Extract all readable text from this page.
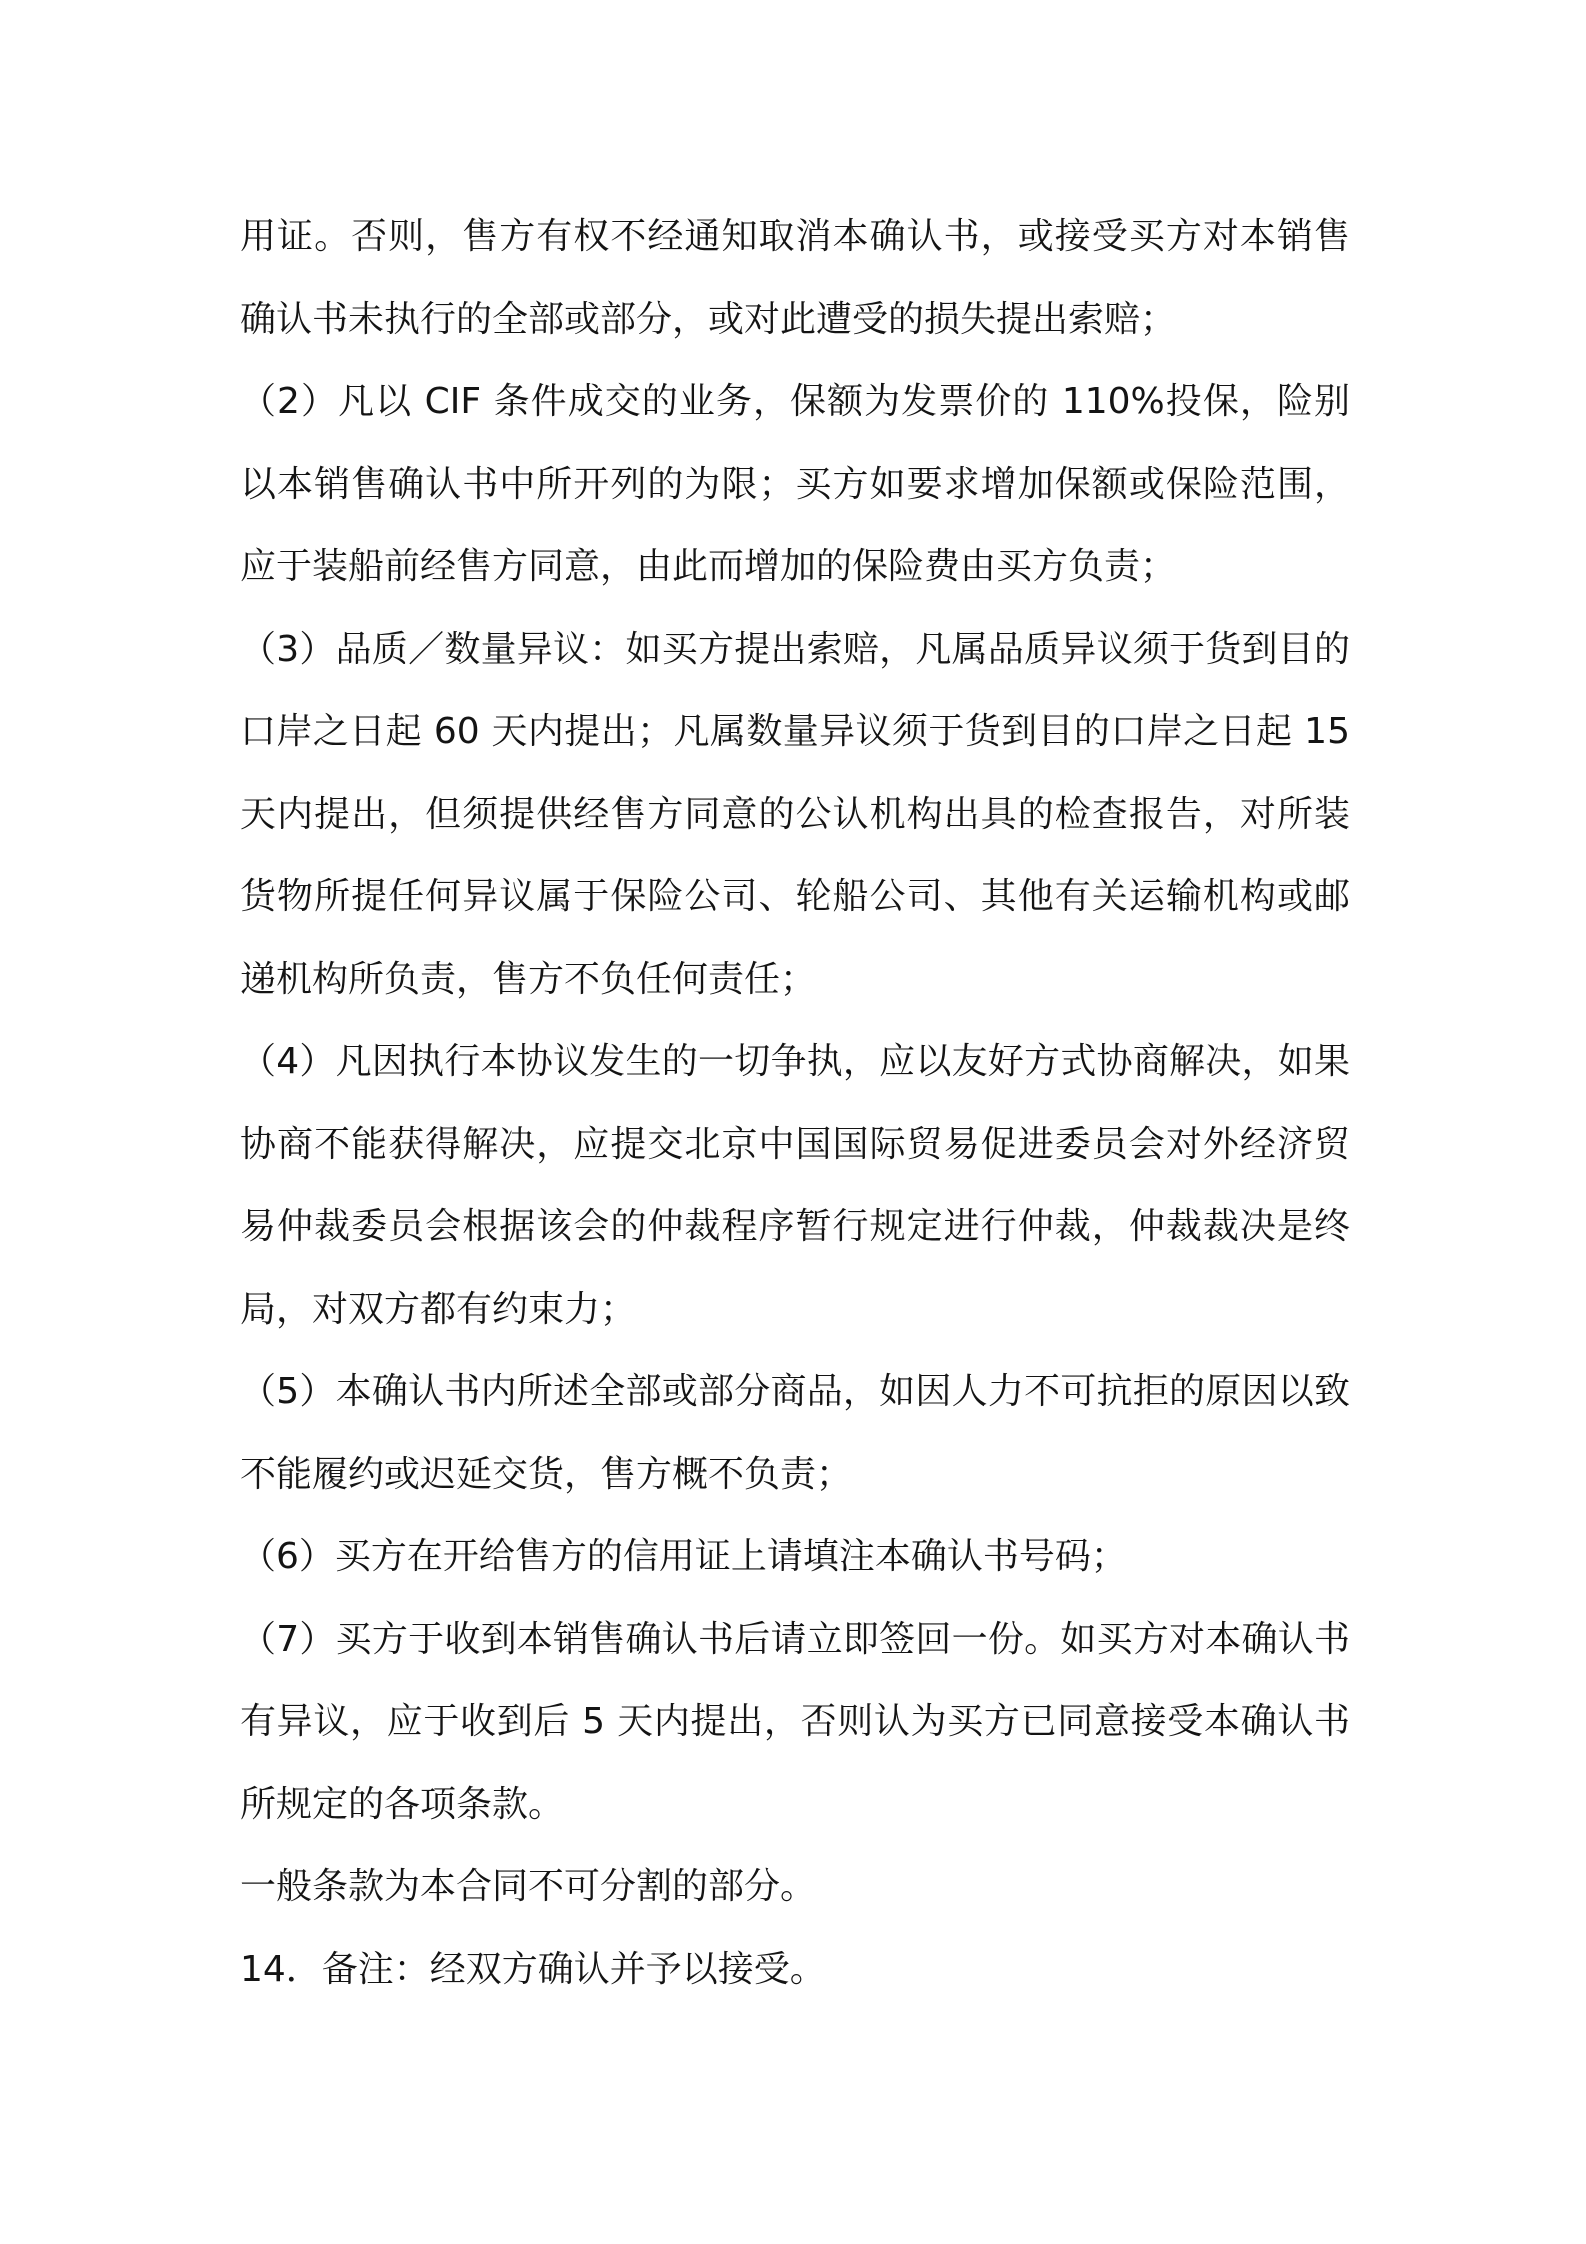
用证。否则，售方有权不经通知取消本确认书，或接受买方对本销售确认书未执行的全部或部分，或对此遭受的损失提出索赔；

（2）凡以 CIF 条件成交的业务，保额为发票价的 110%投保，险别以本销售确认书中所开列的为限；买方如要求增加保额或保险范围，应于装船前经售方同意，由此而增加的保险费由买方负责；

（3）品质／数量异议：如买方提出索赔，凡属品质异议须于货到目的口岸之日起 60 天内提出；凡属数量异议须于货到目的口岸之日起 15 天内提出，但须提供经售方同意的公认机构出具的检查报告，对所装货物所提任何异议属于保险公司、轮船公司、其他有关运输机构或邮递机构所负责，售方不负任何责任；

（4）凡因执行本协议发生的一切争执，应以友好方式协商解决，如果协商不能获得解决，应提交北京中国国际贸易促进委员会对外经济贸易仲裁委员会根据该会的仲裁程序暂行规定进行仲裁，仲裁裁决是终局，对双方都有约束力；

（5）本确认书内所述全部或部分商品，如因人力不可抗拒的原因以致不能履约或迟延交货，售方概不负责；

（6）买方在开给售方的信用证上请填注本确认书号码；

（7）买方于收到本销售确认书后请立即签回一份。如买方对本确认书有异议，应于收到后 5 天内提出，否则认为买方已同意接受本确认书所规定的各项条款。

一般条款为本合同不可分割的部分。

14．备注：经双方确认并予以接受。
